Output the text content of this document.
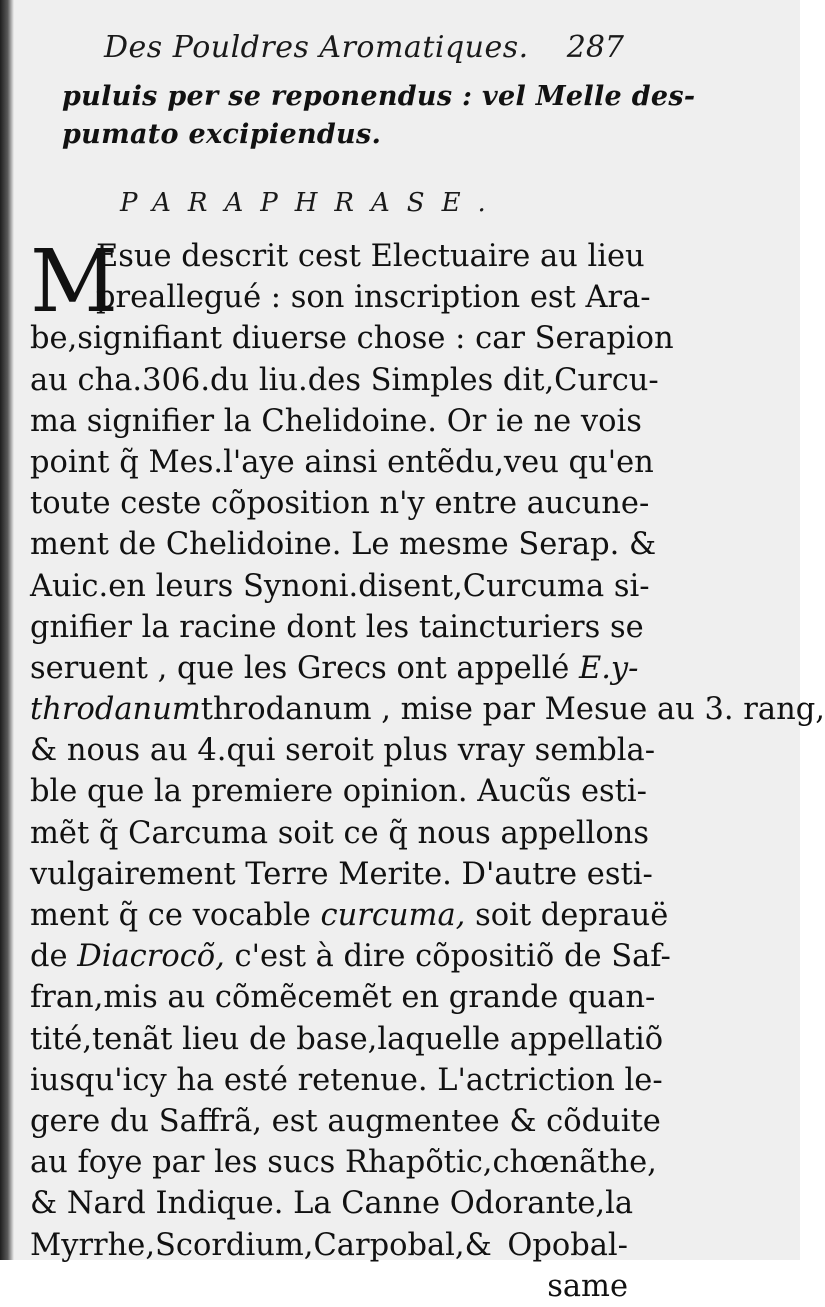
Des Pouldres Aromatiques. 287
puluis per se reponendus : vel Melle des-
pumato excipiendus.
PARAPHRASE.
M
Esue descrit cest Electuaire au lieu
preallegué : son inscription est Ara-
be,signifiant diuerse chose : car Serapion
au cha.306.du liu.des Simples dit,Curcu-
ma signifier la Chelidoine. Or ie ne vois
point q̃ Mes.l'aye ainsi entẽdu,veu qu'en
toute ceste cõposition n'y entre aucune-
ment de Chelidoine. Le mesme Serap. &
Auic.en leurs Synoni.disent,Curcuma si-
gnifier la racine dont les taincturiers se
seruent , que les Grecs ont appellé E.y-
throdanumthrodanum , mise par Mesue au 3. rang,
& nous au 4.qui seroit plus vray sembla-
ble que la premiere opinion. Aucũs esti-
mẽt q̃ Carcuma soit ce q̃ nous appellons
vulgairement Terre Merite. D'autre esti-
ment q̃ ce vocable curcuma, soit deprauë
de Diacrocõ, c'est à dire cõpositiõ de Saf-
fran,mis au cõmẽcemẽt en grande quan-
tité,tenãt lieu de base,laquelle appellatiõ
iusqu'icy ha esté retenue. L'actriction le-
gere du Saffrã, est augmentee & cõduite
au foye par les sucs Rhapõtic,chœnãthe,
& Nard Indique. La Canne Odorante,la
Myrrhe,Scordium,Carpobal,& Opobal-
same
